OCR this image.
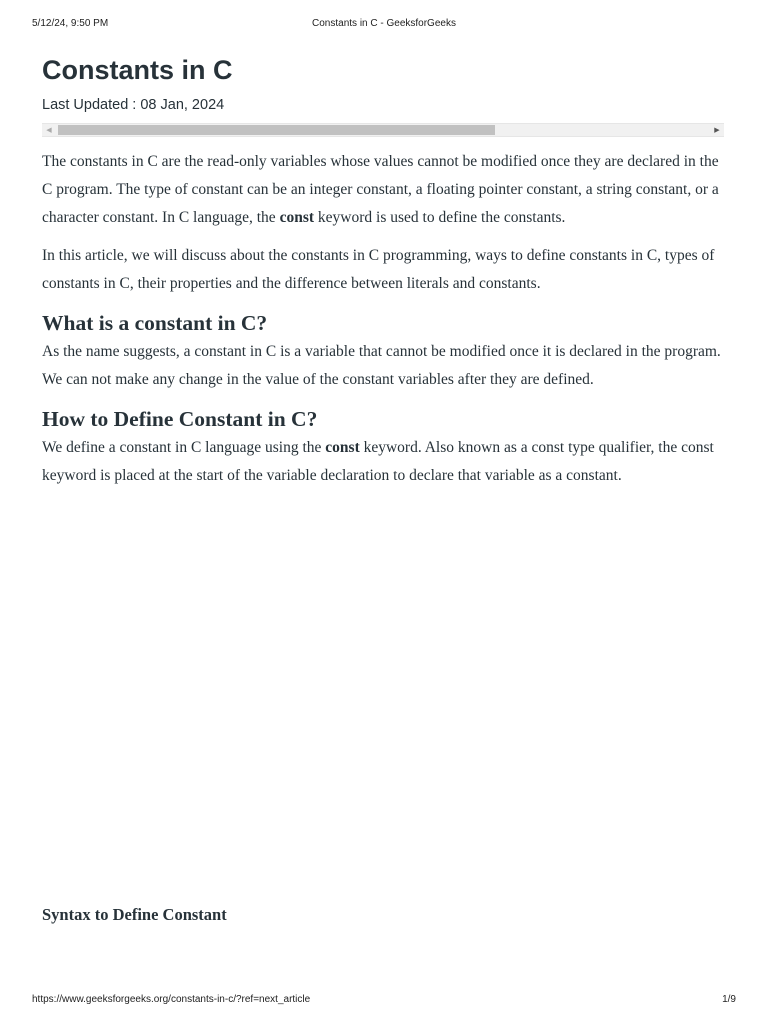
5/12/24, 9:50 PM	Constants in C - GeeksforGeeks
Constants in C
Last Updated : 08 Jan, 2024
◀	▶

The constants in C are the read-only variables whose values cannot be modified once they are declared in the C program. The type of constant can be an integer constant, a floating pointer constant, a string constant, or a character constant. In C language, the const keyword is used to define the constants.

In this article, we will discuss about the constants in C programming, ways to define constants in C, types of constants in C, their properties and the difference between literals and constants.

What is a constant in C?

As the name suggests, a constant in C is a variable that cannot be modified once it is declared in the program. We can not make any change in the value of the constant variables after they are defined.

How to Define Constant in C?

We define a constant in C language using the const keyword. Also known as a const type qualifier, the const keyword is placed at the start of the variable declaration to declare that variable as a constant.

Syntax to Define Constant
https://www.geeksforgeeks.org/constants-in-c/?ref=next_article	1/9
